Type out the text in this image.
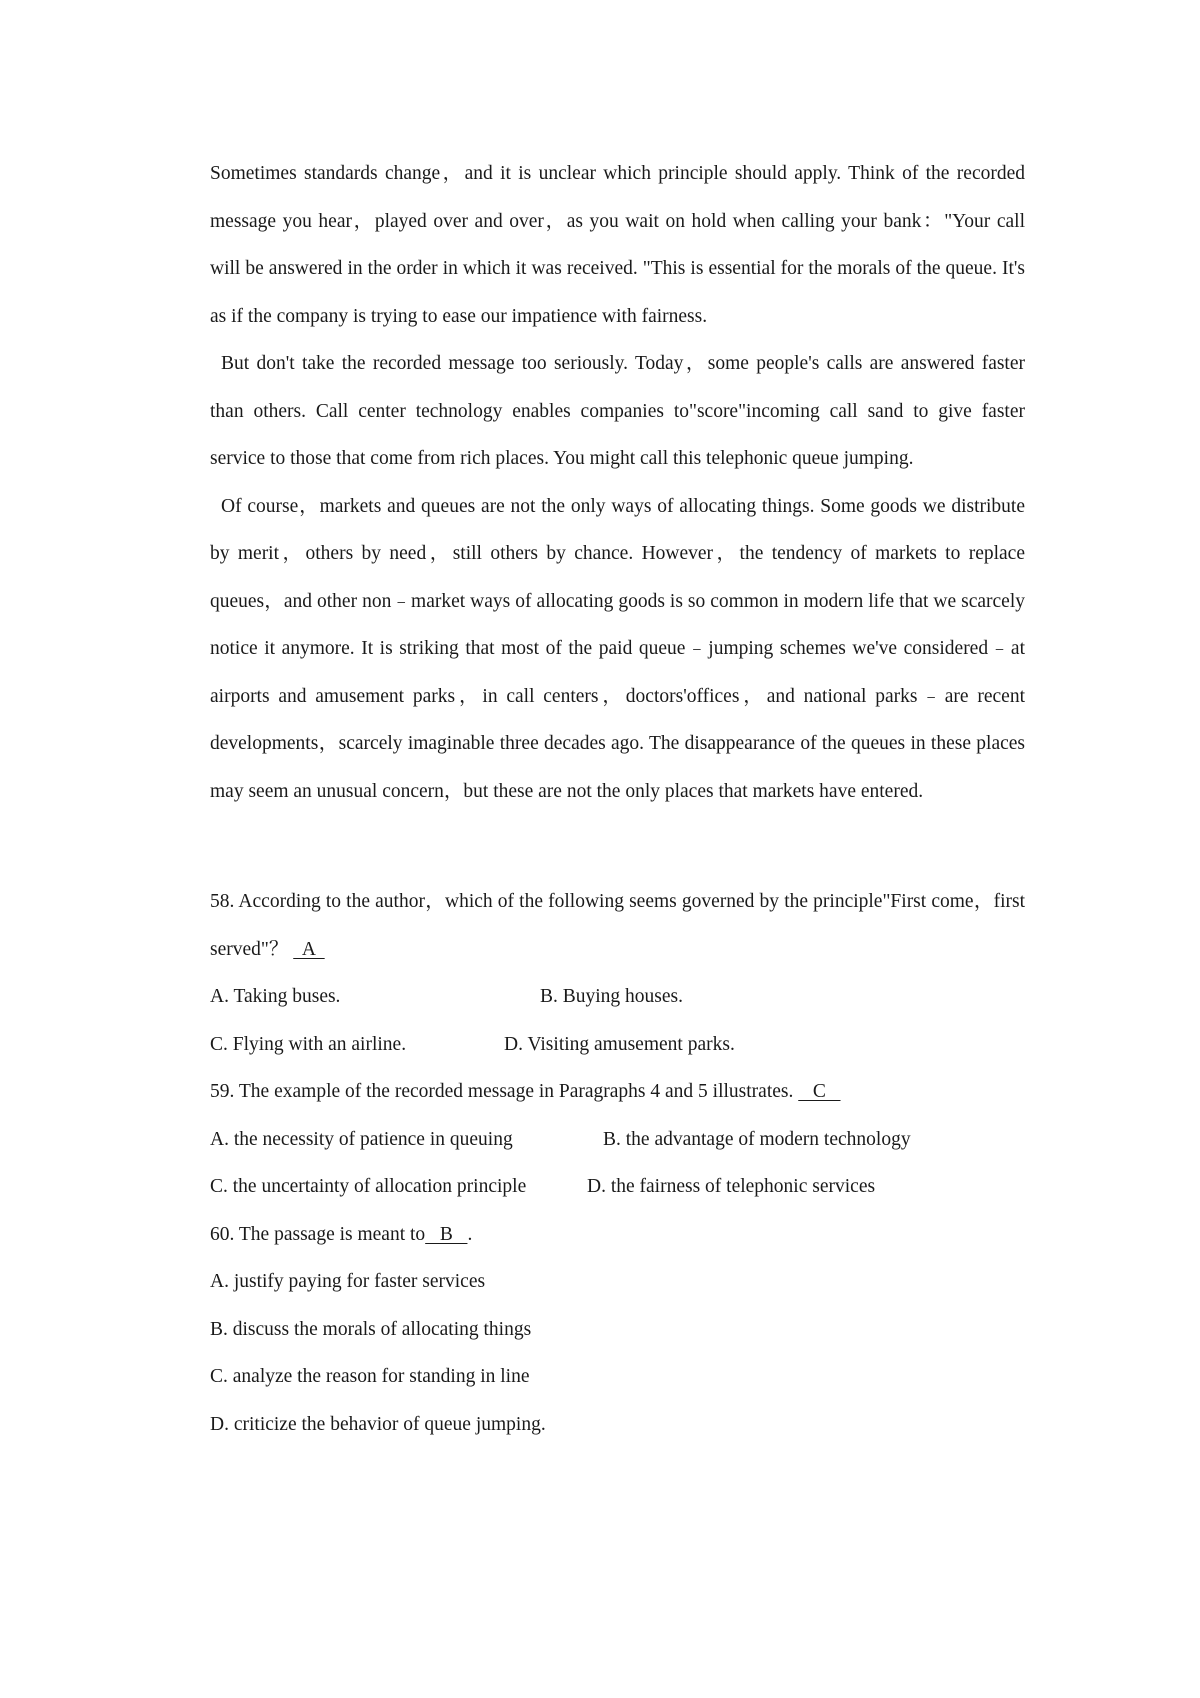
Sometimes standards change，and it is unclear which principle should apply. Think of the recorded message you hear，played over and over，as you wait on hold when calling your bank："Your call will be answered in the order in which it was received. "This is essential for the morals of the queue. It's as if the company is trying to ease our impatience with fairness.

But don't take the recorded message too seriously. Today，some people's calls are answered faster than others. Call center technology enables companies to"score"incoming call sand to give faster service to those that come from rich places. You might call this telephonic queue jumping.

Of course，markets and queues are not the only ways of allocating things. Some goods we distribute by merit，others by need，still others by chance. However，the tendency of markets to replace queues，and other non﹣market ways of allocating goods is so common in modern life that we scarcely notice it anymore. It is striking that most of the paid queue﹣jumping schemes we've considered﹣at airports and amusement parks，in call centers，doctors'offices，and national parks﹣are recent developments，scarcely imaginable three decades ago. The disappearance of the queues in these places may seem an unusual concern，but these are not the only places that markets have entered.

58. According to the author，which of the following seems governed by the principle"First come，first served"？   A

A. Taking buses.	B. Buying houses.
C. Flying with an airline.	D. Visiting amusement parks.

59. The example of the recorded message in Paragraphs 4 and 5 illustrates.    C

A. the necessity of patience in queuing	B. the advantage of modern technology
C. the uncertainty of allocation principle	D. the fairness of telephonic services

60. The passage is meant to   B   .

A. justify paying for faster services

B. discuss the morals of allocating things

C. analyze the reason for standing in line

D. criticize the behavior of queue jumping.
